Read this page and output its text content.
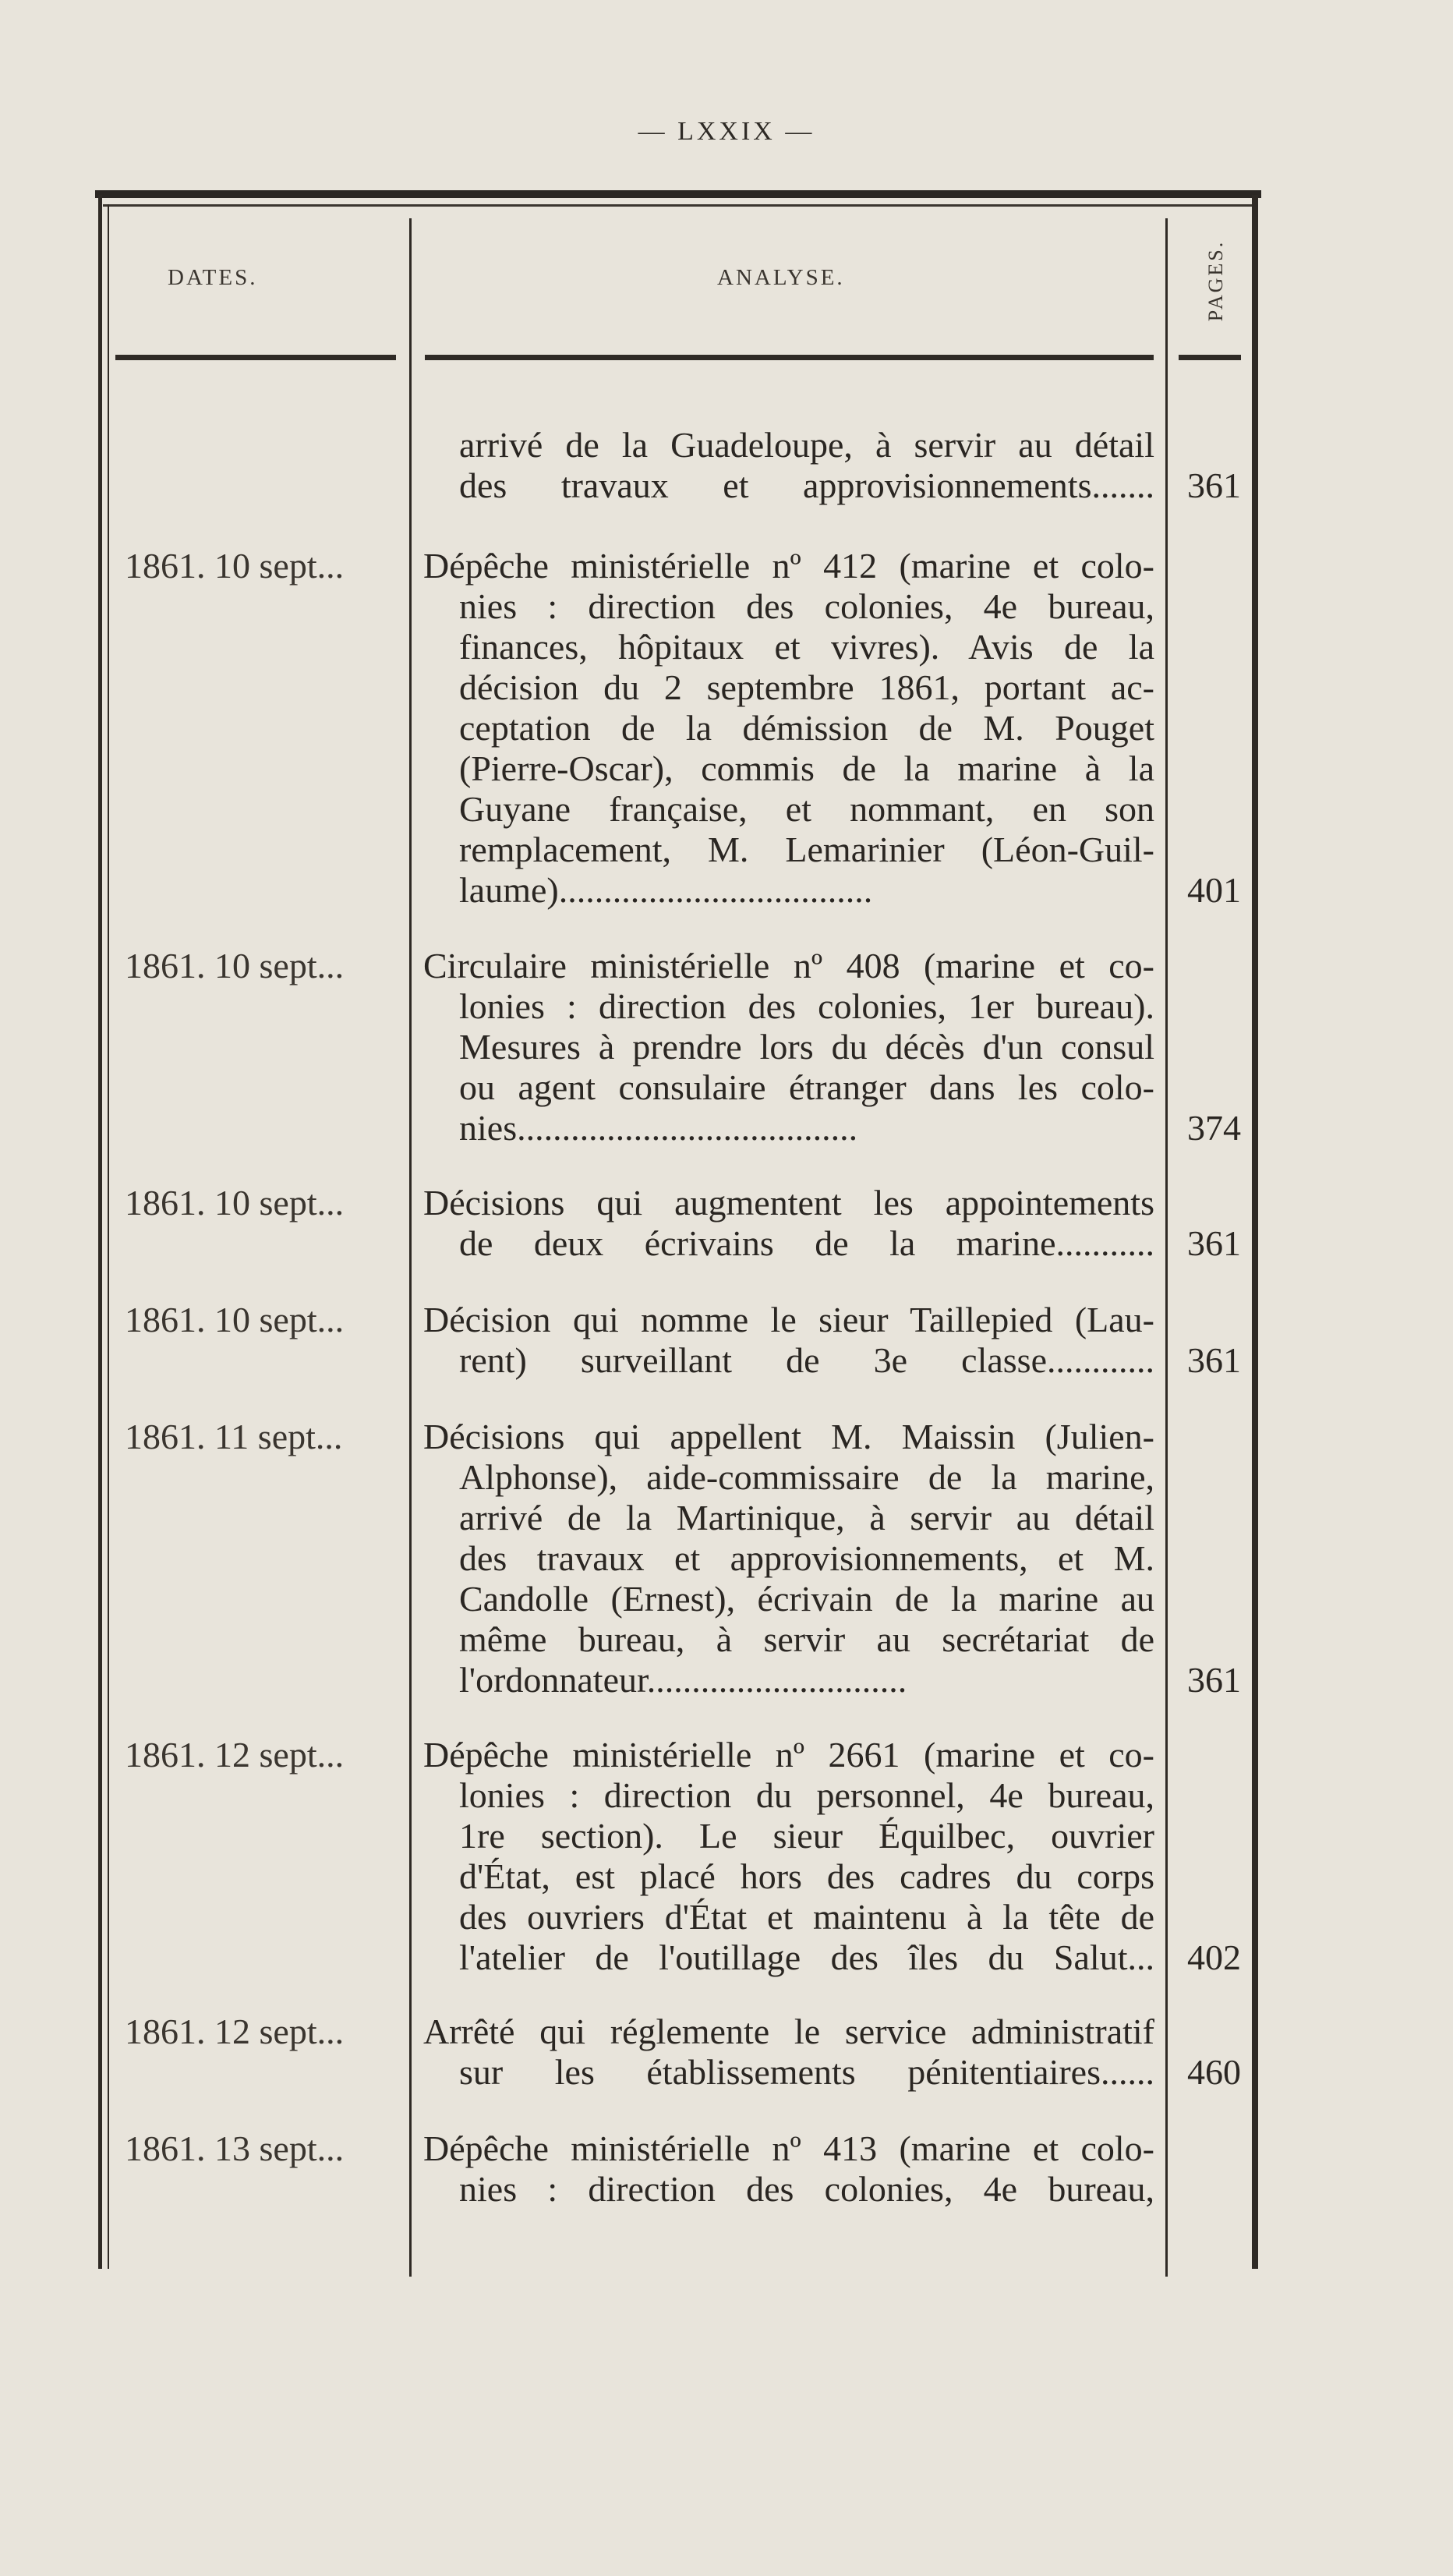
— LXXIX —
DATES.	ANALYSE.	PAGES.
arrivé de la Guadeloupe, à servir au détail
des travaux et approvisionnements....... 361
1861. 10 sept...	Dépêche ministérielle nº 412 (marine et colo-
nies : direction des colonies, 4e bureau,
finances, hôpitaux et vivres). Avis de la
décision du 2 septembre 1861, portant ac-
ceptation de la démission de M. Pouget
(Pierre-Oscar), commis de la marine à la
Guyane française, et nommant, en son
remplacement, M. Lemarinier (Léon-Guil-
laume)...................................	401
1861. 10 sept...	Circulaire ministérielle nº 408 (marine et co-
lonies : direction des colonies, 1er bureau).
Mesures à prendre lors du décès d'un consul
ou agent consulaire étranger dans les colo-
nies......................................	374
1861. 10 sept...	Décisions qui augmentent les appointements
de deux écrivains de la marine........... 361
1861. 10 sept...	Décision qui nomme le sieur Taillepied (Lau-
rent) surveillant de 3e classe............ 361
1861. 11 sept...	Décisions qui appellent M. Maissin (Julien-
Alphonse), aide-commissaire de la marine,
arrivé de la Martinique, à servir au détail
des travaux et approvisionnements, et M.
Candolle (Ernest), écrivain de la marine au
même bureau, à servir au secrétariat de
l'ordonnateur.............................	361
1861. 12 sept...	Dépêche ministérielle nº 2661 (marine et co-
lonies : direction du personnel, 4e bureau,
1re section). Le sieur Équilbec, ouvrier
d'État, est placé hors des cadres du corps
des ouvriers d'État et maintenu à la tête de
l'atelier de l'outillage des îles du Salut... 402
1861. 12 sept...	Arrêté qui réglemente le service administratif
sur les établissements pénitentiaires...... 460
1861. 13 sept...	Dépêche ministérielle nº 413 (marine et colo-
nies : direction des colonies, 4e bureau,
